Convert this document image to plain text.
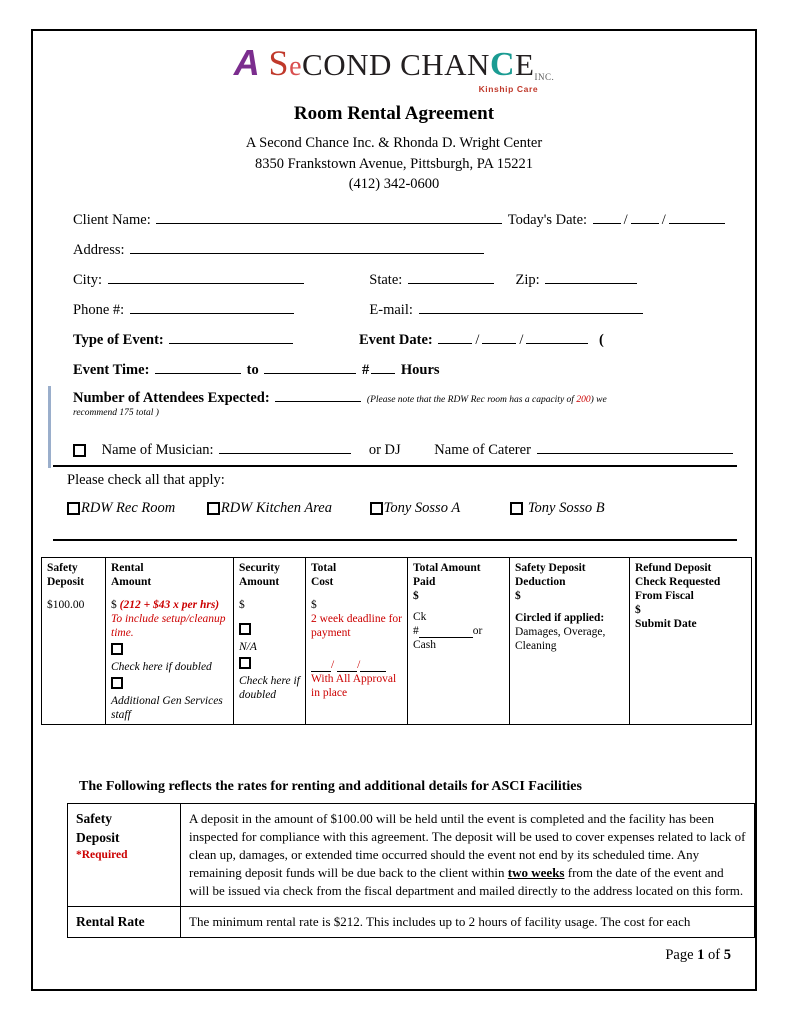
A SeCOND CHANCEINC.
Kinship Care
Room Rental Agreement
A Second Chance Inc. & Rhonda D. Wright Center
8350 Frankstown Avenue, Pittsburgh, PA 15221
(412) 342-0600
Client Name:	Today's Date:	/ /
Address:
City:	State:	Zip:
Phone #:	E-mail:
Type of Event:	Event Date:	/	/	(
Event Time:	to	# Hours
Number of Attendees Expected:	(Please note that the RDW Rec room has a capacity of 200) we
recommend 175 total )
Name of Musician:	or DJ Name of Caterer
Please check all that apply:
RDW Rec Room	RDW Kitchen Area	Tony Sosso A	Tony Sosso B
Safety
Deposit
$100.00

Rental
Amount
$ (212 + $43 x per hrs)
To include setup/cleanup time.
Check here if doubled
Additional Gen Services staff

Security
Amount
$
N/A
Check here if doubled

Total
Cost
$
2 week deadline for payment
/ /
With All Approval in place

Total Amount
Paid
$
Ck
#	or
Cash

Safety Deposit
Deduction
$
Circled if applied:
Damages, Overage, Cleaning

Refund Deposit
Check Requested
From Fiscal
$
Submit Date
The Following reflects the rates for renting and additional details for ASCI Facilities
Safety
Deposit
*Required
	A deposit in the amount of $100.00 will be held until the event is completed and the facility has been inspected for compliance with this agreement. The deposit will be used to cover expenses related to lack of clean up, damages, or extended time occurred should the event not end by its scheduled time. Any remaining deposit funds will be due back to the client within two weeks from the date of the event and will be issued via check from the fiscal department and mailed directly to the address located on this form.

Rental Rate	The minimum rental rate is $212. This includes up to 2 hours of facility usage. The cost for each
Page 1 of 5
